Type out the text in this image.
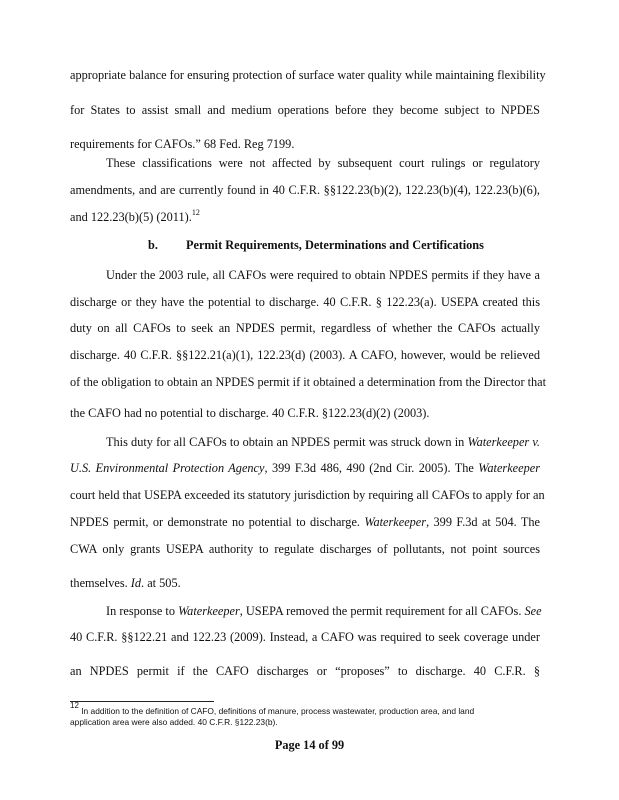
appropriate balance for ensuring protection of surface water quality while maintaining flexibility
for States to assist small and medium operations before they become subject to NPDES
requirements for CAFOs.” 68 Fed. Reg 7199.
These classifications were not affected by subsequent court rulings or regulatory
amendments, and are currently found in 40 C.F.R. §§122.23(b)(2), 122.23(b)(4), 122.23(b)(6),
and 122.23(b)(5) (2011).$^{12}$
b. Permit Requirements, Determinations and Certifications
Under the 2003 rule, all CAFOs were required to obtain NPDES permits if they have a
discharge or they have the potential to discharge. 40 C.F.R. § 122.23(a). USEPA created this
duty on all CAFOs to seek an NPDES permit, regardless of whether the CAFOs actually
discharge. 40 C.F.R. §§122.21(a)(1), 122.23(d) (2003). A CAFO, however, would be relieved
of the obligation to obtain an NPDES permit if it obtained a determination from the Director that
the CAFO had no potential to discharge. 40 C.F.R. §122.23(d)(2) (2003).
This duty for all CAFOs to obtain an NPDES permit was struck down in Waterkeeper v.
U.S. Environmental Protection Agency, 399 F.3d 486, 490 (2nd Cir. 2005). The Waterkeeper
court held that USEPA exceeded its statutory jurisdiction by requiring all CAFOs to apply for an
NPDES permit, or demonstrate no potential to discharge. Waterkeeper, 399 F.3d at 504. The
CWA only grants USEPA authority to regulate discharges of pollutants, not point sources
themselves. Id. at 505.
In response to Waterkeeper, USEPA removed the permit requirement for all CAFOs. See
40 C.F.R. §§122.21 and 122.23 (2009). Instead, a CAFO was required to seek coverage under
an NPDES permit if the CAFO discharges or “proposes” to discharge. 40 C.F.R. §
$^{12}$ In addition to the definition of CAFO, definitions of manure, process wastewater, production area, and land
application area were also added. 40 C.F.R. §122.23(b).
Page 14 of 99
